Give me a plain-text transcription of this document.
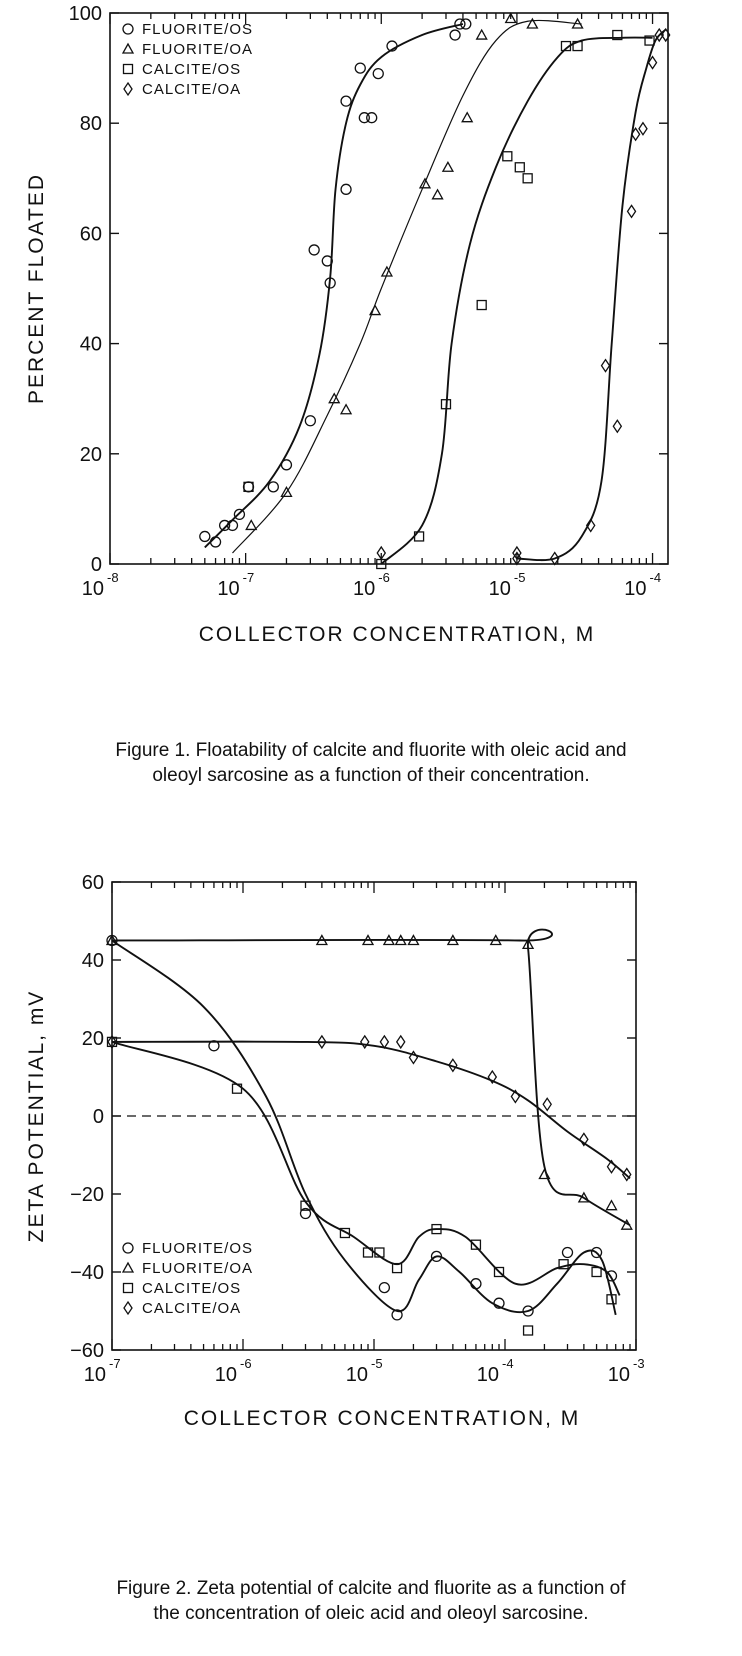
0
20
40
60
80
100
10
-8
10
-7
10
-6
10
-5
10
-4
COLLECTOR CONCENTRATION, M
PERCENT FLOATED
FLUORITE/OS
FLUORITE/OA
CALCITE/OS
CALCITE/OA
−60
−40
−20
0
20
40
60
10
-7
10
-6
10
-5
10
-4
10
-3
COLLECTOR CONCENTRATION, M
ZETA POTENTIAL, mV
FLUORITE/OS
FLUORITE/OA
CALCITE/OS
CALCITE/OA
Figure 1. Floatability of calcite and fluorite with oleic acid and
oleoyl sarcosine as a function of their concentration.
Figure 2. Zeta potential of calcite and fluorite as a function of
the concentration of oleic acid and oleoyl sarcosine.
